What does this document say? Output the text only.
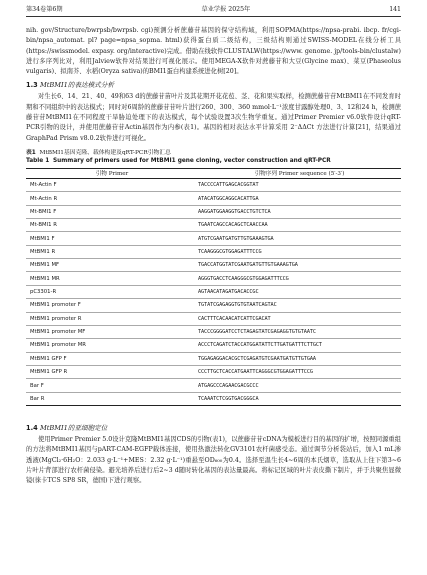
第34卷第6期	草业学报 2025年	141

nih. gov/Structure/bwrpsb/bwrpsb. cgi)预测分析蔗藤苷基因的保守结构域，利用SOPMA(https://npsa-prabi. ibcp. fr/cgi-bin/npsa_automat. pl? page=npsa_sopma. html)获得蛋白质二级结构，三级结构则通过SWISS-MODEL在线分析工具(https://swissmodel. expasy. org/interactive)完成。借助在线软件CLUSTALW(https://www. genome. jp/tools-bin/clustalw)进行多序列比对，利用Jalview软件对结果进行可视化展示。使用MEGA-X软件对蔗藤苷和大豆(Glycine max)、菜豆(Phaseolus vulgaris)、拟南芥、水稻(Oryza sativa)的BMI1蛋白构建系统进化树[20]。

1.3 MtBMI1的表达模式分析

对生长6、14、21、40、49和63 d的蔗藤苷苗叶片及其花期开花花苞、茎、花和果实取样，检测蔗藤苷苷MtBMI1在不同发育时期和不同组织中的表达模式；同时对6周龄的蔗藤苷苷叶片进行260、300、360 mmol·L⁻¹浓度甘露醇处理0、3、12和24 h，检测蔗藤苷苷MtBMI1在不同程度干旱胁迫处理下的表达模式，每个试验设置3次生物学重复。通过Primer Premier v6.0软件设计qRT-PCR引物的设计，并使用蔗藤苷苷Actin基因作为内参(表1)。基因的相对表达水平计算采用 2⁻ΔΔCt 方法进行计算[21]，结果通过GraphPad Prism v8.0.2软件进行可视化。

表1 MtBMI1基因克隆、载体构建及qRT-PCR引物汇总
Table 1 Summary of primers used for MtBMI1 gene cloning, vector construction and qRT-PCR
引物 Primer	引物序列 Primer sequence (5′-3′)
Mt-Actin F	TACCCCATTGAGCACGGTAT
Mt-Actin R	ATACATGGCAGGCACATTGA
Mt-BMI1 F	AAGGATGGAAGGTGACCTGTCTCA
Mt-BMI1 R	TGAATCAGCCACAGCTCAACCAA
MtBMI1 F	ATGTCGAATGATGTTGTGAAAGTGA
MtBMI1 R	TCAAGGGCGTGGAGATTTCCG
MtBMI1 MF	TGACCATGGTATCGAATGATGTTGTGAAAGTGA
MtBMI1 MR	AGGGTGACCTCAAGGGCGTGGAGATTTCCG
pC3301-R	AGTAACATAGATGACACCGC
MtBMI1 promoter F	TGTATCGAGAGGTGTGTAATCAGTAC
MtBMI1 promoter R	CACTTTCACAACATCATTCGACAT
MtBMI1 promoter MF	TACCCGGGGATCCTCTAGAGTATCGAGAGGTGTGTAATC
MtBMI1 promoter MR	ACCCTCAGATCTACCATGGATATTCTTGATGATTTCTTGCT
MtBMI1 GFP F	TGGAGAGGACACGCTCGAGATGTCGAATGATGTTGTGAA
MtBMI1 GFP R	CCCTTGCTCACCATGAATTCAGGGCGTGGAGATTTCCG
Bar F	ATGAGCCCAGAACGACGCCC
Bar R	TCAAATCTCGGTGACGGGCA
1.4 MtBMI1的亚细胞定位

使用Primer Premier 5.0设计克隆MtBMI1基因CDS的引物(表1)，以蔗藤苷苷cDNA为模板进行目的基因的扩增，按照同源重组的方法将MtBMI1基因与pART-CAM-EGFP载体连接，使用热激法转化GV3101农杆菌感受态。通过调节分析袋站后，加入1 mL渗透液(MgCl₂·6H₂O：2.033 g·L⁻¹+MES：2.32 g·L⁻¹)重悬至OD₆₀₀为0.4。选择至温生长4~6周的本氏烟草，选取从上往下第3~6片叶片背部进行农杆菌侵染。避光培养后进行后2~3 d随时转化基因的表达量最高。将标记区域的叶片表皮撕下制片，并于共聚焦显微镜(徕卡TCS SP8 SR，德国)下进行观察。
